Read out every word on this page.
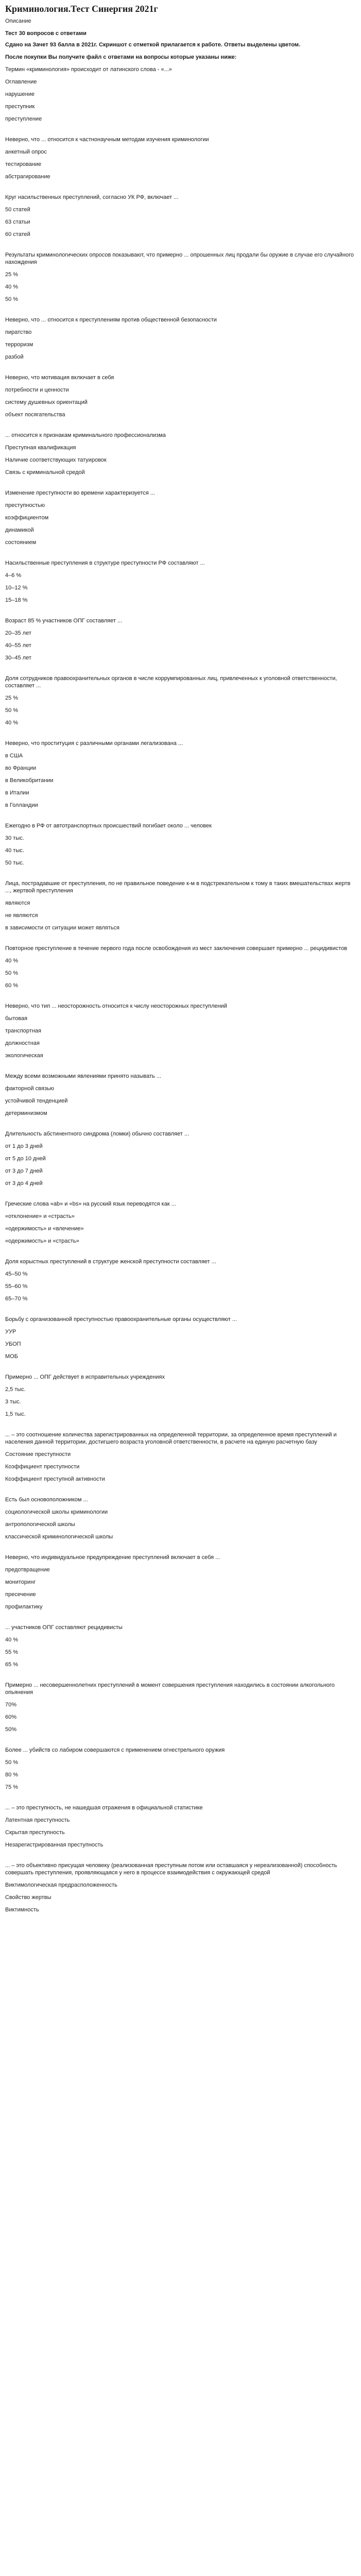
Криминология.Тест Синергия 2021г
Описание
Тест 30 вопросов с ответами
Сдано на Зачет 93 балла в 2021г. Скриншот с отметкой прилагается к работе. Ответы выделены цветом.
После покупки Вы получите файл с ответами на вопросы которые указаны ниже:
Термин «криминология» происходит от латинского слова - «...»
Оглавление
нарушение
преступник
преступление
Неверно, что ... относится к частнонаучным методам изучения криминологии
анкетный опрос
тестирование
абстрагирование
Круг насильственных преступлений, согласно УК РФ, включает ...
50 статей
63 статьи
60 статей
Результаты криминологических опросов показывают, что примерно ... опрошенных лиц продали бы оружие в случае его случайного нахождения
25 %
40 %
50 %
Неверно, что ... относится к преступлениям против общественной безопасности
пиратство
терроризм
разбой
Неверно, что мотивация включает в себя
потребности и ценности
систему душевных ориентаций
объект посягательства
... относится к признакам криминального профессионализма
Преступная квалификация
Наличие соответствующих татуировок
Связь с криминальной средой
Изменение преступности во времени характеризуется ...
преступностью
коэффициентом
динамикой
состоянием
Насильственные преступления в структуре преступности РФ составляют ...
4–6 %
10–12 %
15–18 %
Возраст 85 % участников ОПГ составляет ...
20–35 лет
40–55 лет
30–45 лет
Доля сотрудников правоохранительных органов в числе коррумпированных лиц, привлеченных к уголовной ответственности, составляет ...
25 %
50 %
40 %
Неверно, что проституция с различными органами легализована ...
в США
во Франции
в Великобритании
в Италии
в Голландии
Ежегодно в РФ от автотранспортных происшествий погибает около ... человек
30 тыс.
40 тыс.
50 тыс.
Лица, пострадавшие от преступления, по не правильное поведение к-м в подстрекательном к тому в таких вмешательствах жертв ..., жертвой преступления
являются
не являются
в зависимости от ситуации может являться
Повторное преступление в течение первого года после освобождения из мест заключения совершает примерно ... рецидивистов
40 %
50 %
60 %
Неверно, что тип ... неосторожность относится к числу неосторожных преступлений
бытовая
транспортная
должностная
экологическая
Между всеми возможными явлениями принято называть ...
факторной связью
устойчивой тенденцией
детерминизмом
Длительность абстинентного синдрома (ломки) обычно составляет ...
от 1 до 3 дней
от 5 до 10 дней
от 3 до 7 дней
от 3 до 4 дней
Греческие слова «ab» и «bs» на русский язык переводятся как ...
«отклонение» и «страсть»
«одержимость» и «влечение»
«одержимость» и «страсть»
Доля корыстных преступлений в структуре женской преступности составляет ...
45–50 %
55–60 %
65–70 %
Борьбу с организованной преступностью правоохранительные органы осуществляют ...
УУР
УБОП
МОБ
Примерно ... ОПГ действует в исправительных учреждениях
2,5 тыс.
3 тыс.
1,5 тыс.
... – это соотношение количества зарегистрированных на определенной территории, за определенное время преступлений и населения данной территории, достигшего возраста уголовной ответственности, в расчете на единую расчетную базу
Состояние преступности
Коэффициент преступности
Коэффициент преступной активности
Есть был основоположником ...
социологической школы криминологии
антропологической школы
классической криминологической школы
Неверно, что индивидуальное предупреждение преступлений включает в себя ...
предотвращение
мониторинг
пресечение
профилактику
... участников ОПГ составляют рецидивисты
40 %
55 %
65 %
Примерно ... несовершеннолетних преступлений в момент совершения преступления находились в состоянии алкогольного опьянения
70%
60%
50%
Более ... убийств со лабиром совершаются с применением огнестрельного оружия
50 %
80 %
75 %
... – это преступность, не нашедшая отражения в официальной статистике
Латентная преступность
Скрытая преступность
Незарегистрированная преступность
... – это объективно присущая человеку (реализованная преступным потом или оставшаяся у нереализованной) способность совершать преступления, проявляющаяся у него в процессе взаимодействия с окружающей средой
Виктимологическая предрасположенность
Свойство жертвы
Виктимность
